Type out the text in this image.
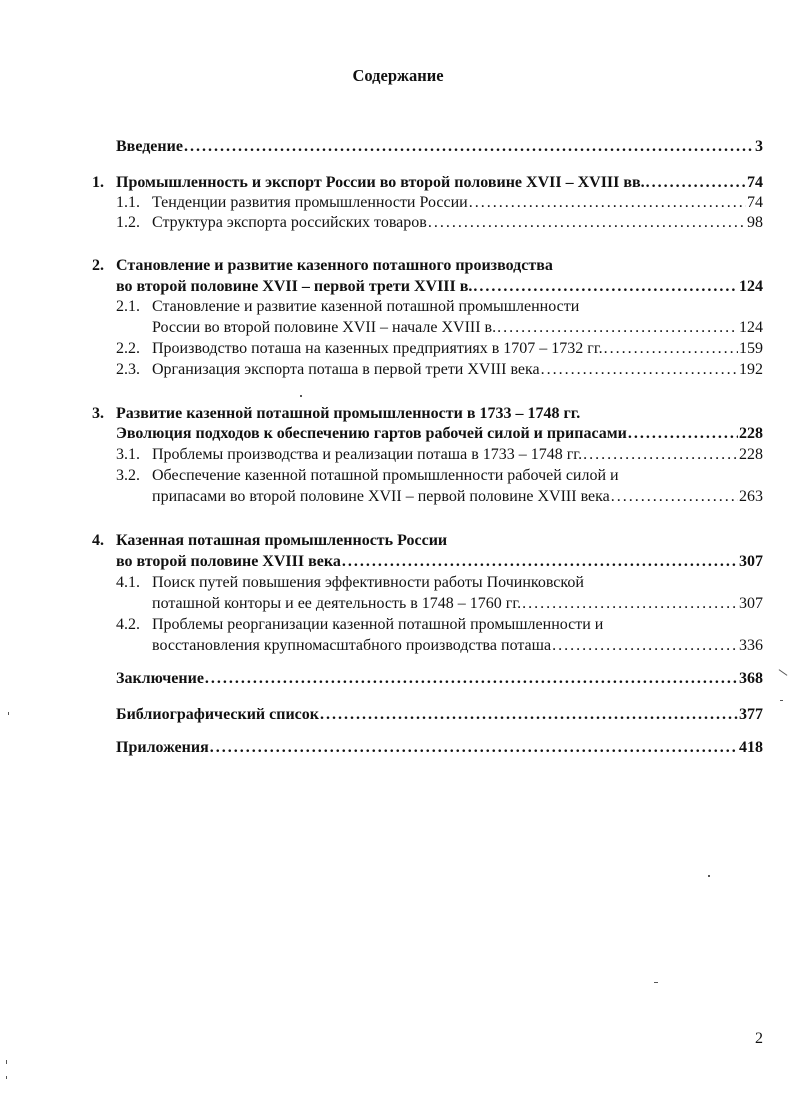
Содержание
Введение . . .	3
1. Промышленность и экспорт России во второй половине XVII – XVIII вв. . . .	74
1.1. Тенденции развития промышленности России . . .	74
1.2. Структура экспорта российских товаров . . .	98
2. Становление и развитие казенного поташного производства
во второй половине XVII – первой трети XVIII в. . . .	124
2.1. Становление и развитие казенной поташной промышленности
России во второй половине XVII – начале XVIII в. . . .	124
2.2. Производство поташа на казенных предприятиях в 1707 – 1732 гг. . . .	159
2.3. Организация экспорта поташа в первой трети XVIII века . . .	192
3. Развитие казенной поташной промышленности в 1733 – 1748 гг.
Эволюция подходов к обеспечению гартов рабочей силой и припасами . . .	228
3.1. Проблемы производства и реализации поташа в 1733 – 1748 гг. . . .	228
3.2. Обеспечение казенной поташной промышленности рабочей силой и
припасами во второй половине XVII – первой половине XVIII века . . .	263
4. Казенная поташная промышленность России
во второй половине XVIII века . . .	307
4.1. Поиск путей повышения эффективности работы Починковской
поташной конторы и ее деятельность в 1748 – 1760 гг. . . .	307
4.2. Проблемы реорганизации казенной поташной промышленности и
восстановления крупномасштабного производства поташа . . .	336
Заключение . . .	368
Библиографический список . . .	377
Приложения . . .	418
2
